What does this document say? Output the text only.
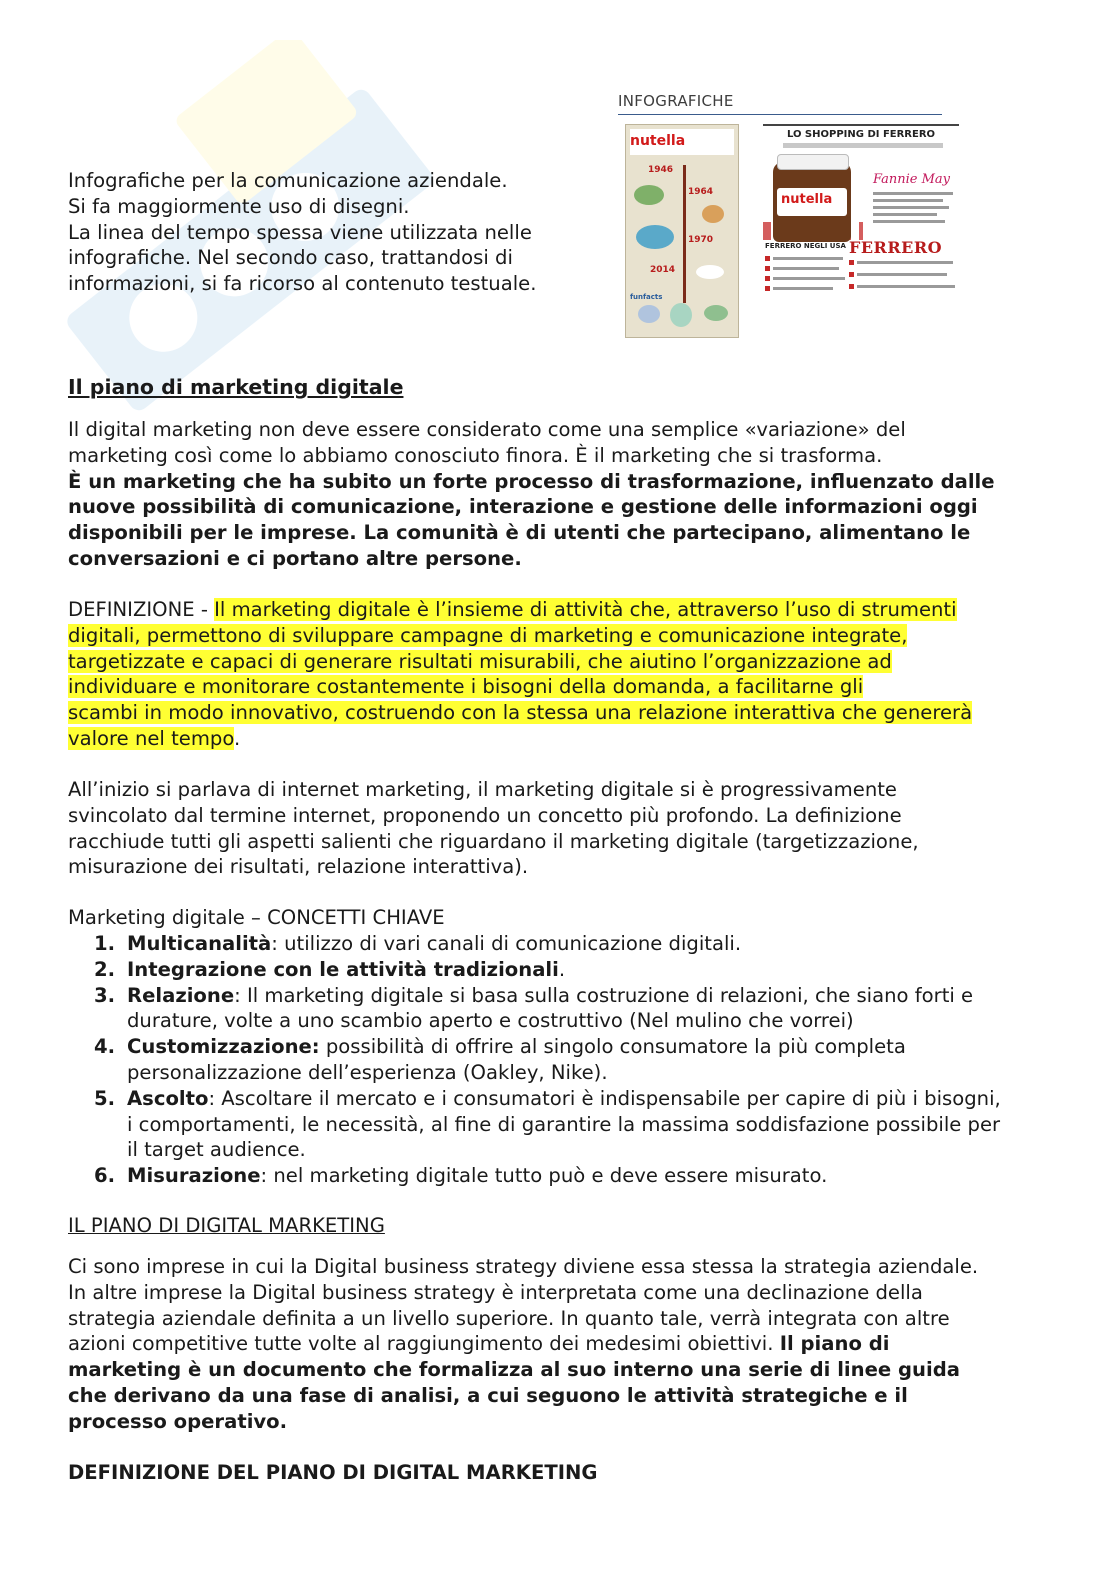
Infografiche per la comunicazione aziendale.
Si fa maggiormente uso di disegni.
La linea del tempo spessa viene utilizzata nelle
infografiche. Nel secondo caso, trattandosi di
informazioni, si fa ricorso al contenuto testuale.
INFOGRAFICHE
nutella
1946
1964
1970
2014
funfacts
LO SHOPPING DI FERRERO
nutella
Fannie May
FERRERO NEGLI USA FERRERO
Il piano di marketing digitale
Il digital marketing non deve essere considerato come una semplice «variazione» del
marketing così come lo abbiamo conosciuto finora. È il marketing che si trasforma.
È un marketing che ha subito un forte processo di trasformazione, influenzato dalle
nuove possibilità di comunicazione, interazione e gestione delle informazioni oggi
disponibili per le imprese. La comunità è di utenti che partecipano, alimentano le
conversazioni e ci portano altre persone.
DEFINIZIONE - Il marketing digitale è l’insieme di attività che, attraverso l’uso di strumenti
digitali, permettono di sviluppare campagne di marketing e comunicazione integrate,
targetizzate e capaci di generare risultati misurabili, che aiutino l’organizzazione ad
individuare e monitorare costantemente i bisogni della domanda, a facilitarne gli
scambi in modo innovativo, costruendo con la stessa una relazione interattiva che genererà
valore nel tempo.
All’inizio si parlava di internet marketing, il marketing digitale si è progressivamente
svincolato dal termine internet, proponendo un concetto più profondo. La definizione
racchiude tutti gli aspetti salienti che riguardano il marketing digitale (targetizzazione,
misurazione dei risultati, relazione interattiva).
Marketing digitale – CONCETTI CHIAVE
1. Multicanalità: utilizzo di vari canali di comunicazione digitali.
2. Integrazione con le attività tradizionali.
3. Relazione: Il marketing digitale si basa sulla costruzione di relazioni, che siano forti e
durature, volte a uno scambio aperto e costruttivo (Nel mulino che vorrei)
4. Customizzazione: possibilità di offrire al singolo consumatore la più completa
personalizzazione dell’esperienza (Oakley, Nike).
5. Ascolto: Ascoltare il mercato e i consumatori è indispensabile per capire di più i bisogni,
i comportamenti, le necessità, al fine di garantire la massima soddisfazione possibile per
il target audience.
6. Misurazione: nel marketing digitale tutto può e deve essere misurato.
IL PIANO DI DIGITAL MARKETING
Ci sono imprese in cui la Digital business strategy diviene essa stessa la strategia aziendale.
In altre imprese la Digital business strategy è interpretata come una declinazione della
strategia aziendale definita a un livello superiore. In quanto tale, verrà integrata con altre
azioni competitive tutte volte al raggiungimento dei medesimi obiettivi. Il piano di
marketing è un documento che formalizza al suo interno una serie di linee guida
che derivano da una fase di analisi, a cui seguono le attività strategiche e il
processo operativo.
DEFINIZIONE DEL PIANO DI DIGITAL MARKETING
